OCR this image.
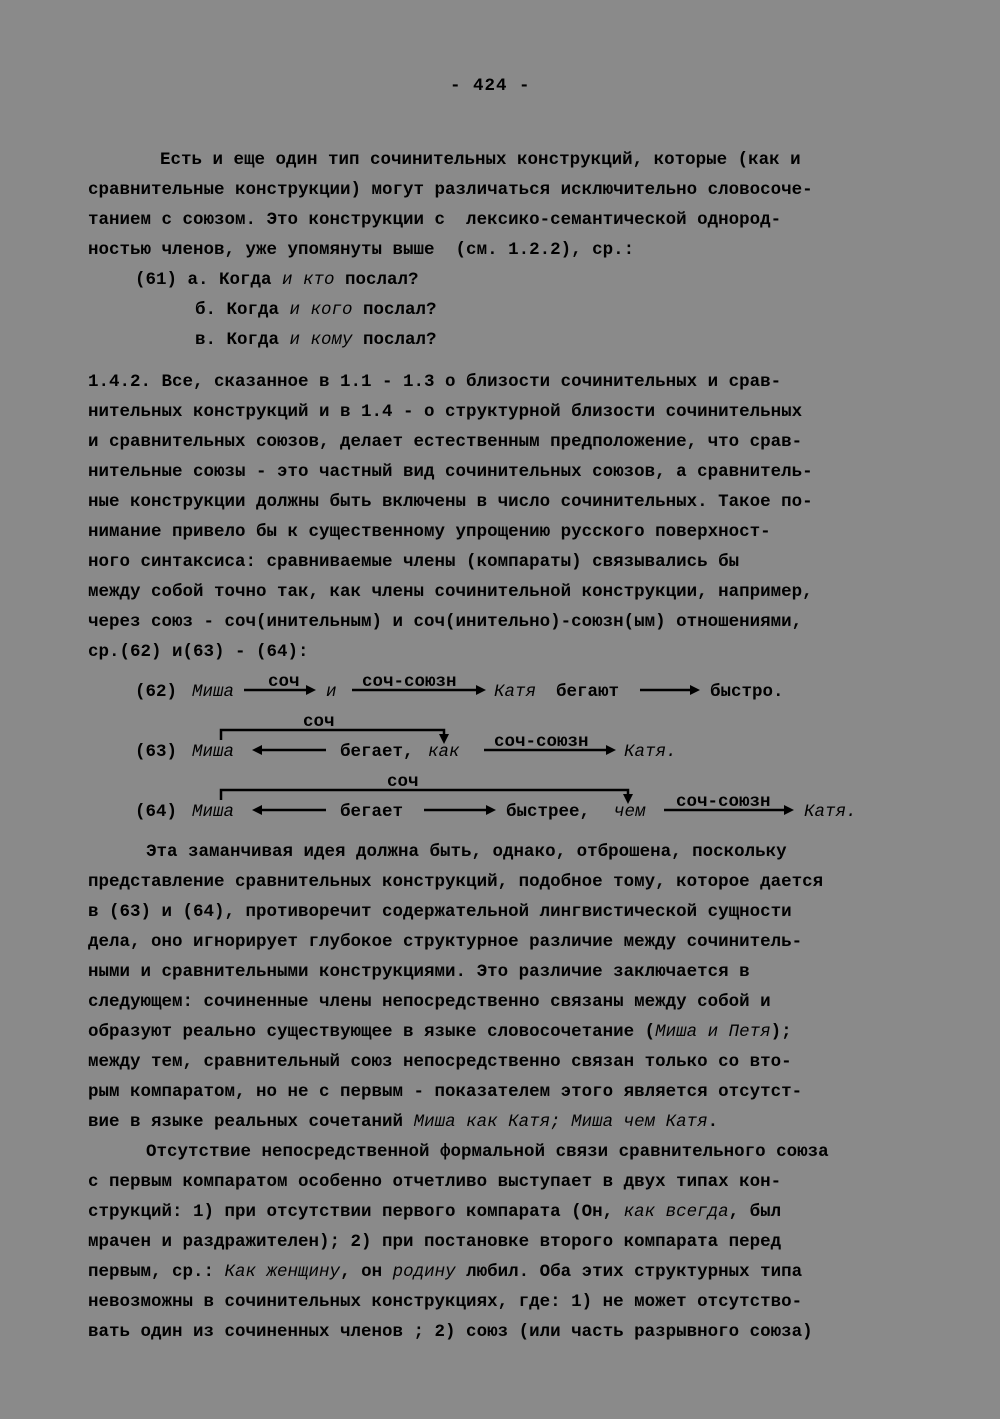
- 424 -
Есть и еще один тип сочинительных конструкций, которые (как и
сравнительные конструкции) могут различаться исключительно словосоче-
танием с союзом. Это конструкции с  лексико-семантической однород-
ностью членов, уже упомянуты выше  (см. 1.2.2), ср.:
(61) а. Когда и кто послал?
б. Когда и кого послал?
в. Когда и кому послал?
1.4.2. Все, сказанное в 1.1 - 1.3 о близости сочинительных и срав-
нительных конструкций и в 1.4 - о структурной близости сочинительных
и сравнительных союзов, делает естественным предположение, что срав-
нительные союзы - это частный вид сочинительных союзов, а сравнитель-
ные конструкции должны быть включены в число сочинительных. Такое по-
нимание привело бы к существенному упрощению русского поверхност-
ного синтаксиса: сравниваемые члены (компараты) связывались бы
между собой точно так, как члены сочинительной конструкции, например,
через союз - соч(инительным) и соч(инительно)-союзн(ым) отношениями,
ср.(62) и(63) - (64):
(62) Миша соч и соч-союзн Катя бегают	быстро.
соч
(63) Миша	бегает, как соч-союзн Катя.
соч
(64) Миша	бегает	быстрее, чем соч-союзн Катя.
Эта заманчивая идея должна быть, однако, отброшена, поскольку
представление сравнительных конструкций, подобное тому, которое дается
в (63) и (64), противоречит содержательной лингвистической сущности
дела, оно игнорирует глубокое структурное различие между сочинитель-
ными и сравнительными конструкциями. Это различие заключается в
следующем: сочиненные члены непосредственно связаны между собой и
образуют реально существующее в языке словосочетание (Миша и Петя);
между тем, сравнительный союз непосредственно связан только со вто-
рым компаратом, но не с первым - показателем этого является отсутст-
вие в языке реальных сочетаний Миша как Катя; Миша чем Катя.
Отсутствие непосредственной формальной связи сравнительного союза
с первым компаратом особенно отчетливо выступает в двух типах кон-
струкций: 1) при отсутствии первого компарата (Он, как всегда, был
мрачен и раздражителен); 2) при постановке второго компарата перед
первым, ср.: Как женщину, он родину любил. Оба этих структурных типа
невозможны в сочинительных конструкциях, где: 1) не может отсутство-
вать один из сочиненных членов ; 2) союз (или часть разрывного союза)
